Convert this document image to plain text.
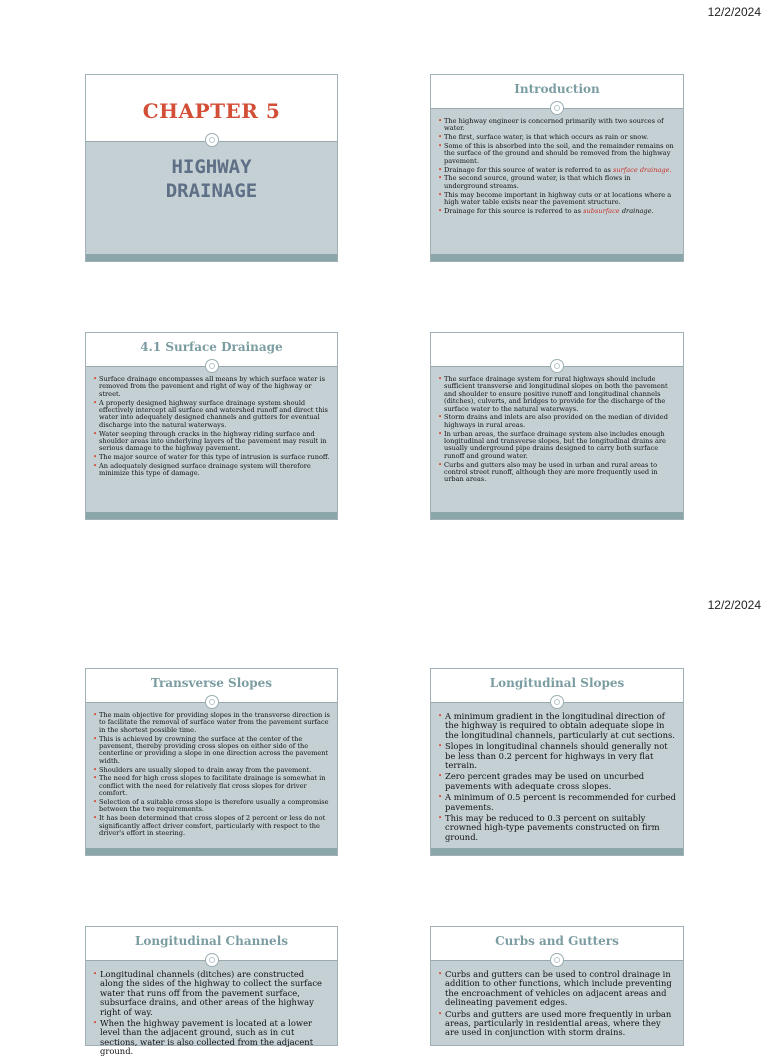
12/2/2024
CHAPTER 5
HIGHWAY
DRAINAGE
Introduction
• The highway engineer is concerned primarily with two sources of water.
• The first, surface water, is that which occurs as rain or snow.
• Some of this is absorbed into the soil, and the remainder remains on the surface of the ground and should be removed from the highway pavement.
• Drainage for this source of water is referred to as surface drainage.
• The second source, ground water, is that which flows in underground streams.
• This may become important in highway cuts or at locations where a high water table exists near the pavement structure.
• Drainage for this source is referred to as subsurface drainage.
4.1 Surface Drainage
• Surface drainage encompasses all means by which surface water is removed from the pavement and right of way of the highway or street.
• A properly designed highway surface drainage system should effectively intercept all surface and watershed runoff and direct this water into adequately designed channels and gutters for eventual discharge into the natural waterways.
• Water seeping through cracks in the highway riding surface and shoulder areas into underlying layers of the pavement may result in serious damage to the highway pavement.
• The major source of water for this type of intrusion is surface runoff.
• An adequately designed surface drainage system will therefore minimize this type of damage.
• The surface drainage system for rural highways should include sufficient transverse and longitudinal slopes on both the pavement and shoulder to ensure positive runoff and longitudinal channels (ditches), culverts, and bridges to provide for the discharge of the surface water to the natural waterways.
• Storm drains and inlets are also provided on the median of divided highways in rural areas.
• In urban areas, the surface drainage system also includes enough longitudinal and transverse slopes, but the longitudinal drains are usually underground pipe drains designed to carry both surface runoff and ground water.
• Curbs and gutters also may be used in urban and rural areas to control street runoff, although they are more frequently used in urban areas.
12/2/2024
Transverse Slopes
• The main objective for providing slopes in the transverse direction is to facilitate the removal of surface water from the pavement surface in the shortest possible time.
• This is achieved by crowning the surface at the center of the pavement, thereby providing cross slopes on either side of the centerline or providing a slope in one direction across the pavement width.
• Shoulders are usually sloped to drain away from the pavement.
• The need for high cross slopes to facilitate drainage is somewhat in conflict with the need for relatively flat cross slopes for driver comfort.
• Selection of a suitable cross slope is therefore usually a compromise between the two requirements.
• It has been determined that cross slopes of 2 percent or less do not significantly affect driver comfort, particularly with respect to the driver's effort in steering.
Longitudinal Slopes
• A minimum gradient in the longitudinal direction of the highway is required to obtain adequate slope in the longitudinal channels, particularly at cut sections.
• Slopes in longitudinal channels should generally not be less than 0.2 percent for highways in very flat terrain.
• Zero percent grades may be used on uncurbed pavements with adequate cross slopes.
• A minimum of 0.5 percent is recommended for curbed pavements.
• This may be reduced to 0.3 percent on suitably crowned high-type pavements constructed on firm ground.
Longitudinal Channels
• Longitudinal channels (ditches) are constructed along the sides of the highway to collect the surface water that runs off from the pavement surface, subsurface drains, and other areas of the highway right of way.
• When the highway pavement is located at a lower level than the adjacent ground, such as in cut sections, water is also collected from the adjacent ground.
Curbs and Gutters
• Curbs and gutters can be used to control drainage in addition to other functions, which include preventing the encroachment of vehicles on adjacent areas and delineating pavement edges.
• Curbs and gutters are used more frequently in urban areas, particularly in residential areas, where they are used in conjunction with storm drains.
